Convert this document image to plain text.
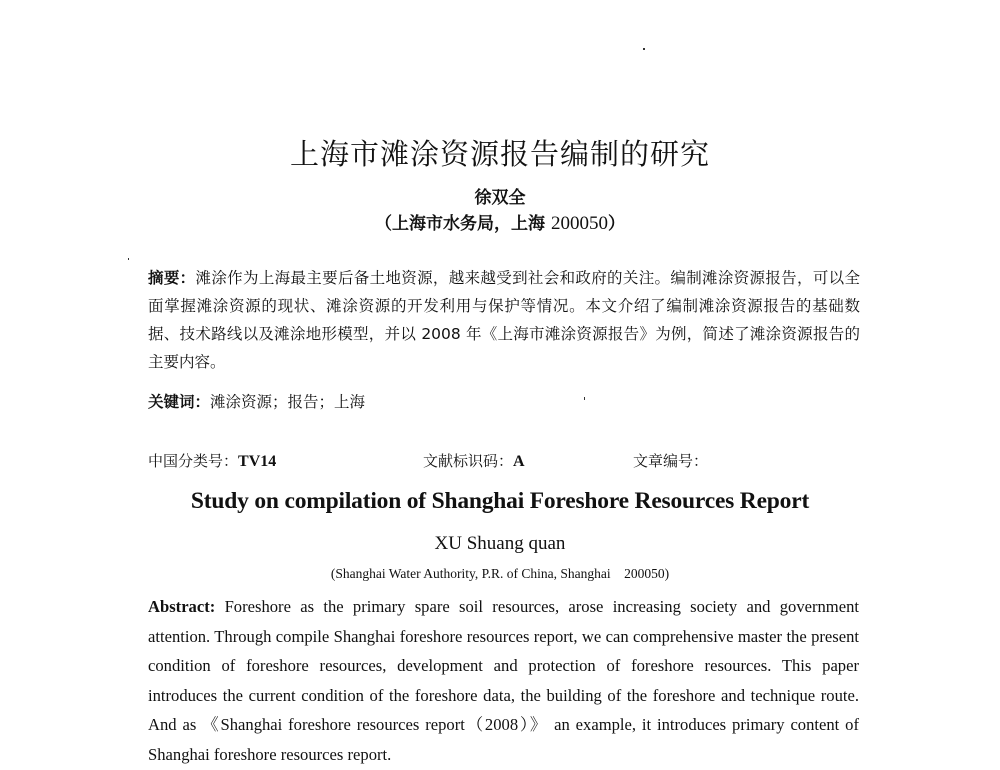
上海市滩涂资源报告编制的研究
徐双全
（上海市水务局，上海 200050）
摘要：滩涂作为上海最主要后备土地资源，越来越受到社会和政府的关注。编制滩涂资源报告，可以全面掌握滩涂资源的现状、滩涂资源的开发利用与保护等情况。本文介绍了编制滩涂资源报告的基础数据、技术路线以及滩涂地形模型，并以 2008 年《上海市滩涂资源报告》为例，简述了滩涂资源报告的主要内容。
关键词：滩涂资源；报告；上海
中国分类号：TV14	文献标识码：A	文章编号：
Study on compilation of Shanghai Foreshore Resources Report
XU Shuang quan
(Shanghai Water Authority, P.R. of China, Shanghai    200050)
Abstract: Foreshore as the primary spare soil resources, arose increasing society and government attention. Through compile Shanghai foreshore resources report, we can comprehensive master the present condition of foreshore resources, development and protection of foreshore resources. This paper introduces the current condition of the foreshore data, the building of the foreshore and technique route. And as 《Shanghai foreshore resources report（2008）》 an example, it introduces primary content of Shanghai foreshore resources report.
